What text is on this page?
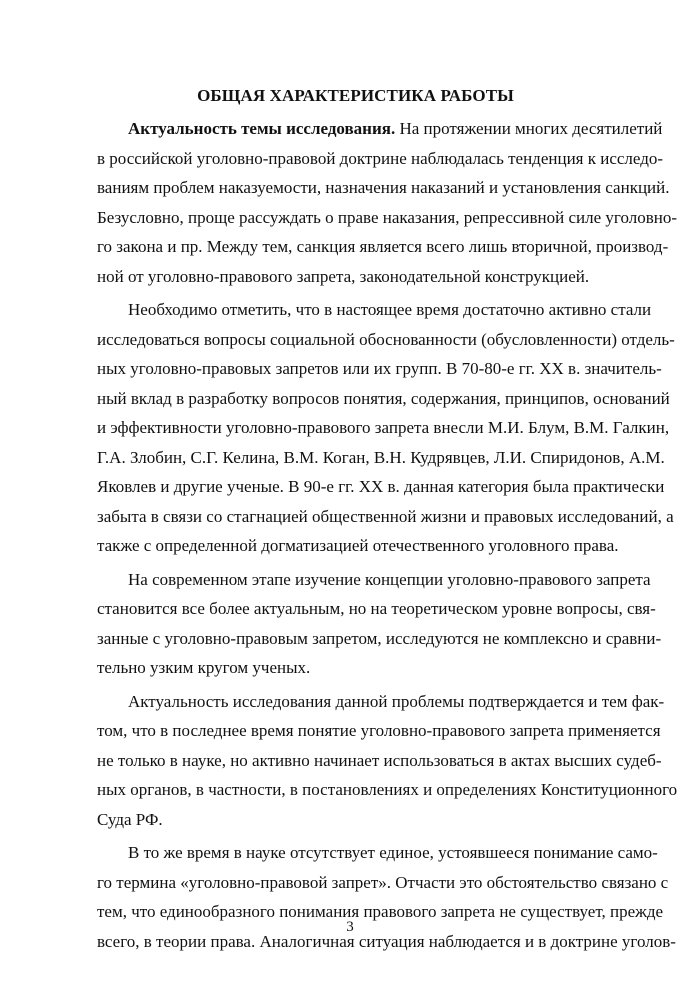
ОБЩАЯ ХАРАКТЕРИСТИКА РАБОТЫ
Актуальность темы исследования. На протяжении многих десятилетий
в российской уголовно-правовой доктрине наблюдалась тенденция к исследо-
ваниям проблем наказуемости, назначения наказаний и установления санкций.
Безусловно, проще рассуждать о праве наказания, репрессивной силе уголовно-
го закона и пр. Между тем, санкция является всего лишь вторичной, производ-
ной от уголовно-правового запрета, законодательной конструкцией.
Необходимо отметить, что в настоящее время достаточно активно стали
исследоваться вопросы социальной обоснованности (обусловленности) отдель-
ных уголовно-правовых запретов или их групп. В 70-80-е гг. XX в. значитель-
ный вклад в разработку вопросов понятия, содержания, принципов, оснований
и эффективности уголовно-правового запрета внесли М.И. Блум, В.М. Галкин,
Г.А. Злобин, С.Г. Келина, В.М. Коган, В.Н. Кудрявцев, Л.И. Спиридонов, А.М.
Яковлев и другие ученые. В 90-е гг. XX в. данная категория была практически
забыта в связи со стагнацией общественной жизни и правовых исследований, а
также с определенной догматизацией отечественного уголовного права.
На современном этапе изучение концепции уголовно-правового запрета
становится все более актуальным, но на теоретическом уровне вопросы, свя-
занные с уголовно-правовым запретом, исследуются не комплексно и сравни-
тельно узким кругом ученых.
Актуальность исследования данной проблемы подтверждается и тем фак-
том, что в последнее время понятие уголовно-правового запрета применяется
не только в науке, но активно начинает использоваться в актах высших судеб-
ных органов, в частности, в постановлениях и определениях Конституционного
Суда РФ.
В то же время в науке отсутствует единое, устоявшееся понимание само-
го термина «уголовно-правовой запрет». Отчасти это обстоятельство связано с
тем, что единообразного понимания правового запрета не существует, прежде
всего, в теории права. Аналогичная ситуация наблюдается и в доктрине уголов-
3
